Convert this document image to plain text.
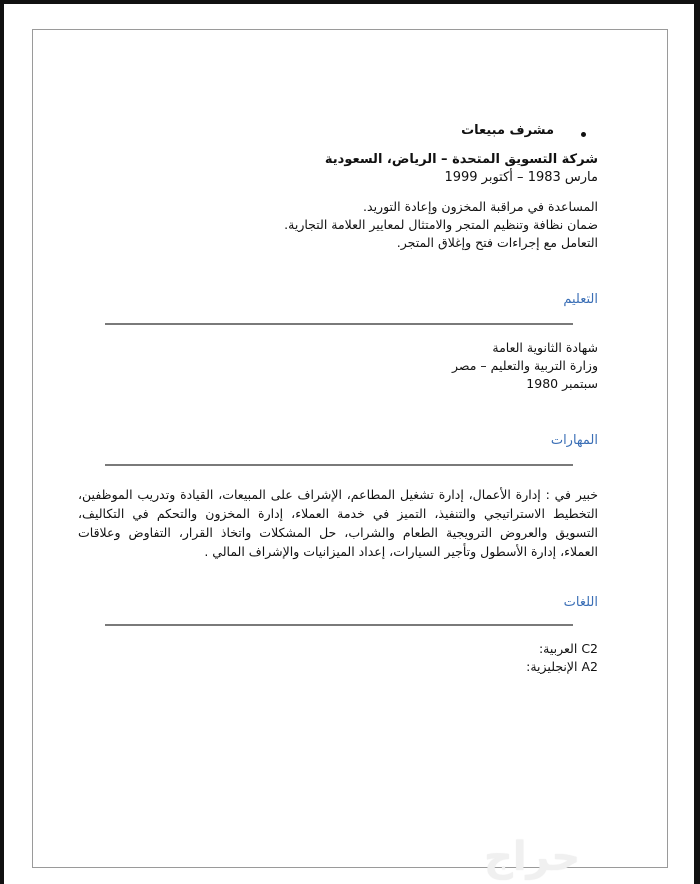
مشرف مبيعات
شركة التسويق المتحدة – الرياض، السعودية
مارس 1983 – أكتوبر 1999
المساعدة في مراقبة المخزون وإعادة التوريد.
ضمان نظافة وتنظيم المتجر والامتثال لمعايير العلامة التجارية.
التعامل مع إجراءات فتح وإغلاق المتجر.
التعليم
شهادة الثانوية العامة
وزارة التربية والتعليم – مصر
سبتمبر 1980
المهارات
خبير في : إدارة الأعمال، إدارة تشغيل المطاعم، الإشراف على المبيعات، القيادة وتدريب الموظفين، التخطيط الاستراتيجي والتنفيذ، التميز في خدمة العملاء، إدارة المخزون والتحكم في التكاليف، التسويق والعروض الترويجية الطعام والشراب، حل المشكلات واتخاذ القرار، التفاوض وعلاقات العملاء، إدارة الأسطول وتأجير السيارات، إعداد الميزانيات والإشراف المالي .
اللغات
C2 العربية:
A2 الإنجليزية:
حراج
